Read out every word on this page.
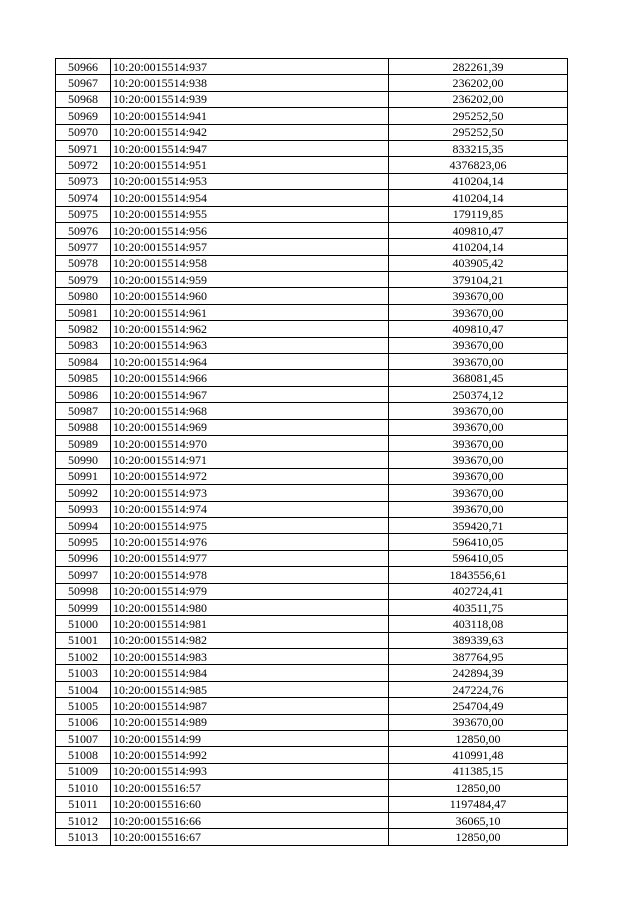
50966	10:20:0015514:937	282261,39
50967	10:20:0015514:938	236202,00
50968	10:20:0015514:939	236202,00
50969	10:20:0015514:941	295252,50
50970	10:20:0015514:942	295252,50
50971	10:20:0015514:947	833215,35
50972	10:20:0015514:951	4376823,06
50973	10:20:0015514:953	410204,14
50974	10:20:0015514:954	410204,14
50975	10:20:0015514:955	179119,85
50976	10:20:0015514:956	409810,47
50977	10:20:0015514:957	410204,14
50978	10:20:0015514:958	403905,42
50979	10:20:0015514:959	379104,21
50980	10:20:0015514:960	393670,00
50981	10:20:0015514:961	393670,00
50982	10:20:0015514:962	409810,47
50983	10:20:0015514:963	393670,00
50984	10:20:0015514:964	393670,00
50985	10:20:0015514:966	368081,45
50986	10:20:0015514:967	250374,12
50987	10:20:0015514:968	393670,00
50988	10:20:0015514:969	393670,00
50989	10:20:0015514:970	393670,00
50990	10:20:0015514:971	393670,00
50991	10:20:0015514:972	393670,00
50992	10:20:0015514:973	393670,00
50993	10:20:0015514:974	393670,00
50994	10:20:0015514:975	359420,71
50995	10:20:0015514:976	596410,05
50996	10:20:0015514:977	596410,05
50997	10:20:0015514:978	1843556,61
50998	10:20:0015514:979	402724,41
50999	10:20:0015514:980	403511,75
51000	10:20:0015514:981	403118,08
51001	10:20:0015514:982	389339,63
51002	10:20:0015514:983	387764,95
51003	10:20:0015514:984	242894,39
51004	10:20:0015514:985	247224,76
51005	10:20:0015514:987	254704,49
51006	10:20:0015514:989	393670,00
51007	10:20:0015514:99	12850,00
51008	10:20:0015514:992	410991,48
51009	10:20:0015514:993	411385,15
51010	10:20:0015516:57	12850,00
51011	10:20:0015516:60	1197484,47
51012	10:20:0015516:66	36065,10
51013	10:20:0015516:67	12850,00
